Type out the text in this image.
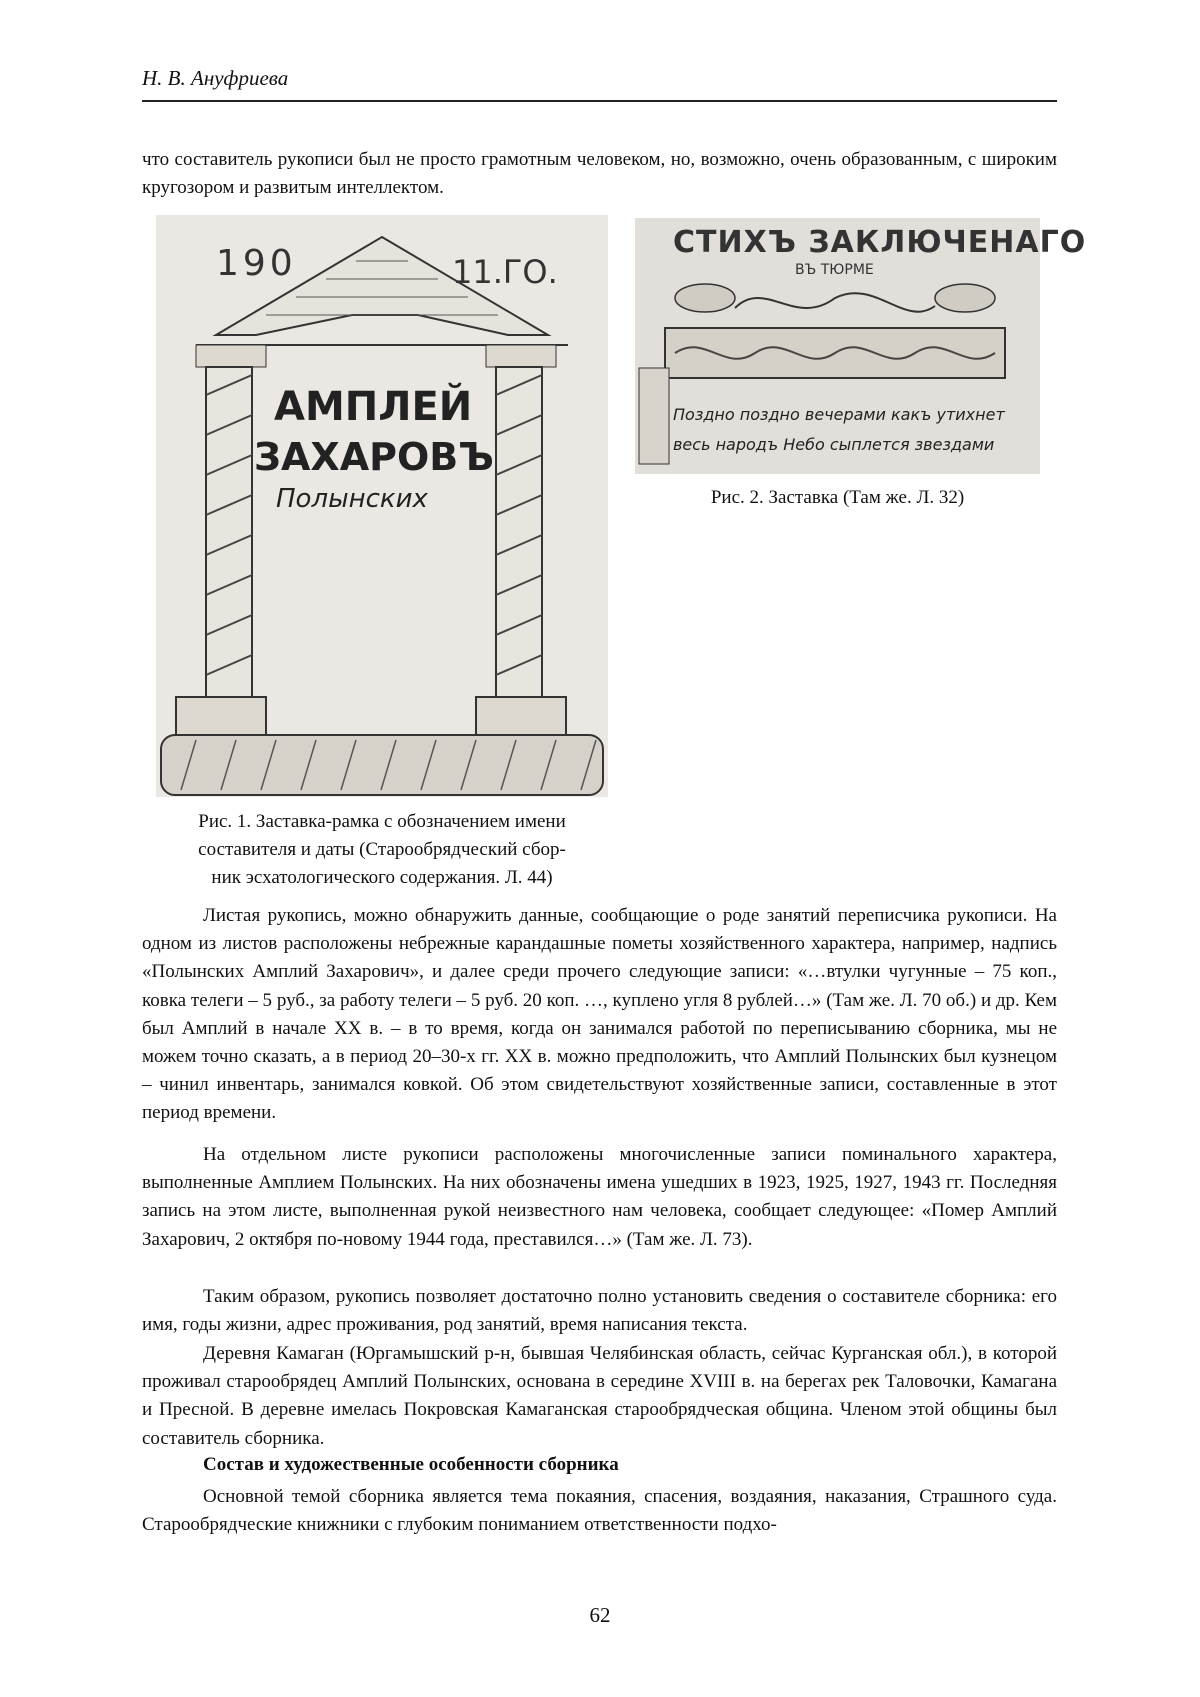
Н. В. Ануфриева
что составитель рукописи был не просто грамотным человеком, но, возможно, очень образованным, с широким кругозором и развитым интеллектом.
190	11.ГО.
АМПЛЕЙ
ЗАХАРОВЪ
Полынских
Рис. 1. Заставка-рамка с обозначением имени
составителя и даты (Старообрядческий сбор-
ник эсхатологического содержания. Л. 44)
СТИХЪ ЗАКЛЮЧЕНАГО
ВЪ ТЮРМЕ
Поздно поздно вечерами какъ утихнет
весь народъ Небо сыплется звездами
Рис. 2. Заставка (Там же. Л. 32)
Листая рукопись, можно обнаружить данные, сообщающие о роде занятий переписчика рукописи. На одном из листов расположены небрежные карандашные пометы хозяйственного характера, например, надпись «Полынских Амплий Захарович», и далее среди прочего следующие записи: «…втулки чугунные – 75 коп., ковка телеги – 5 руб., за работу телеги – 5 руб. 20 коп. …, куплено угля 8 рублей…» (Там же. Л. 70 об.) и др. Кем был Амплий в начале XX в. – в то время, когда он занимался работой по переписыванию сборника, мы не можем точно сказать, а в период 20–30-х гг. XX в. можно предположить, что Амплий Полынских был кузнецом – чинил инвентарь, занимался ковкой. Об этом свидетельствуют хозяйственные записи, составленные в этот период времени.
На отдельном листе рукописи расположены многочисленные записи поминального характера, выполненные Амплием Полынских. На них обозначены имена ушедших в 1923, 1925, 1927, 1943 гг. Последняя запись на этом листе, выполненная рукой неизвестного нам человека, сообщает следующее: «Помер Амплий Захарович, 2 октября по-новому 1944 года, преставился…» (Там же. Л. 73).
Таким образом, рукопись позволяет достаточно полно установить сведения о составителе сборника: его имя, годы жизни, адрес проживания, род занятий, время написания текста.
Деревня Камаган (Юргамышский р-н, бывшая Челябинская область, сейчас Курганская обл.), в которой проживал старообрядец Амплий Полынских, основана в середине XVIII в. на берегах рек Таловочки, Камагана и Пресной. В деревне имелась Покровская Камаганская старообрядческая община. Членом этой общины был составитель сборника.
Состав и художественные особенности сборника
Основной темой сборника является тема покаяния, спасения, воздаяния, наказания, Страшного суда. Старообрядческие книжники с глубоким пониманием ответственности подхо-
62
